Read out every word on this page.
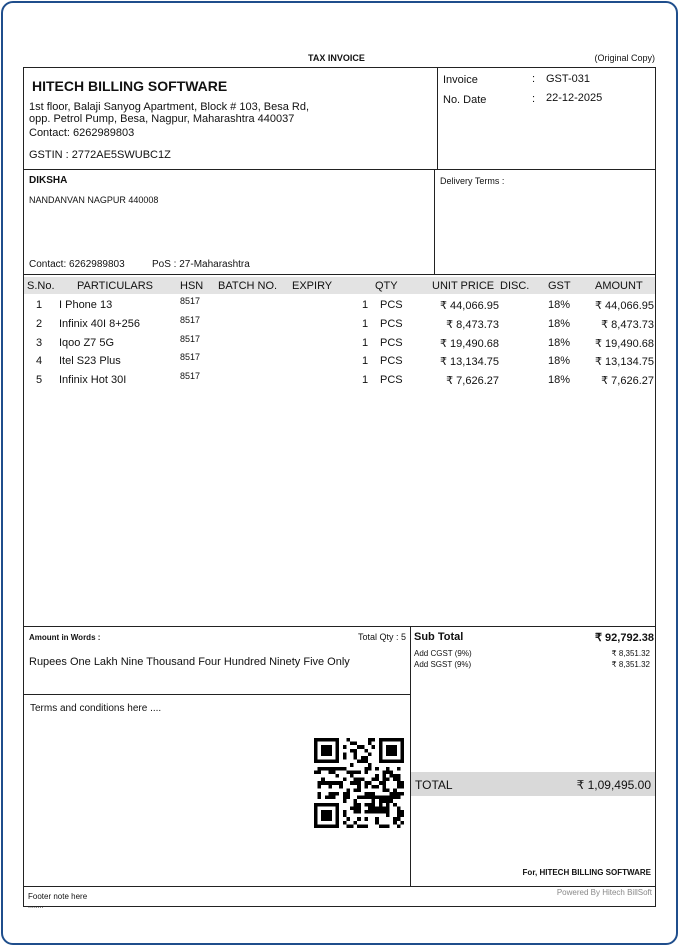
TAX INVOICE	(Original Copy)
HITECH BILLING SOFTWARE
1st floor, Balaji Sanyog Apartment, Block # 103, Besa Rd,
opp. Petrol Pump, Besa, Nagpur, Maharashtra 440037
Contact: 6262989803
GSTIN : 2772AE5SWUBC1Z
Invoice	: GST-031
No. Date	: 22-12-2025
DIKSHA
NANDANVAN NAGPUR 440008
Contact: 6262989803	PoS : 27-Maharashtra
Delivery Terms :
S.No. PARTICULARS HSN BATCH NO. EXPIRY	QTY	UNIT PRICE DISC. GST AMOUNT
1 I Phone 13	8517	1 PCS	₹ 44,066.95	18% ₹ 44,066.95
2 Infinix 40I 8+256	8517	1 PCS	₹ 8,473.73	18%	₹ 8,473.73
3 Iqoo Z7 5G	8517	1 PCS	₹ 19,490.68	18% ₹ 19,490.68
4 Itel S23 Plus	8517	1 PCS	₹ 13,134.75	18% ₹ 13,134.75
5 Infinix Hot 30I	8517	1 PCS	₹ 7,626.27	18%	₹ 7,626.27
Amount in Words :	Total Qty : 5
Rupees One Lakh Nine Thousand Four Hundred Ninety Five Only
Terms and conditions here ....
Sub Total	₹ 92,792.38
Add CGST (9%)	₹ 8,351.32
Add SGST (9%)	₹ 8,351.32
TOTAL	₹ 1,09,495.00
For, HITECH BILLING SOFTWARE
Footer note here
........
Powered By Hitech BillSoft
